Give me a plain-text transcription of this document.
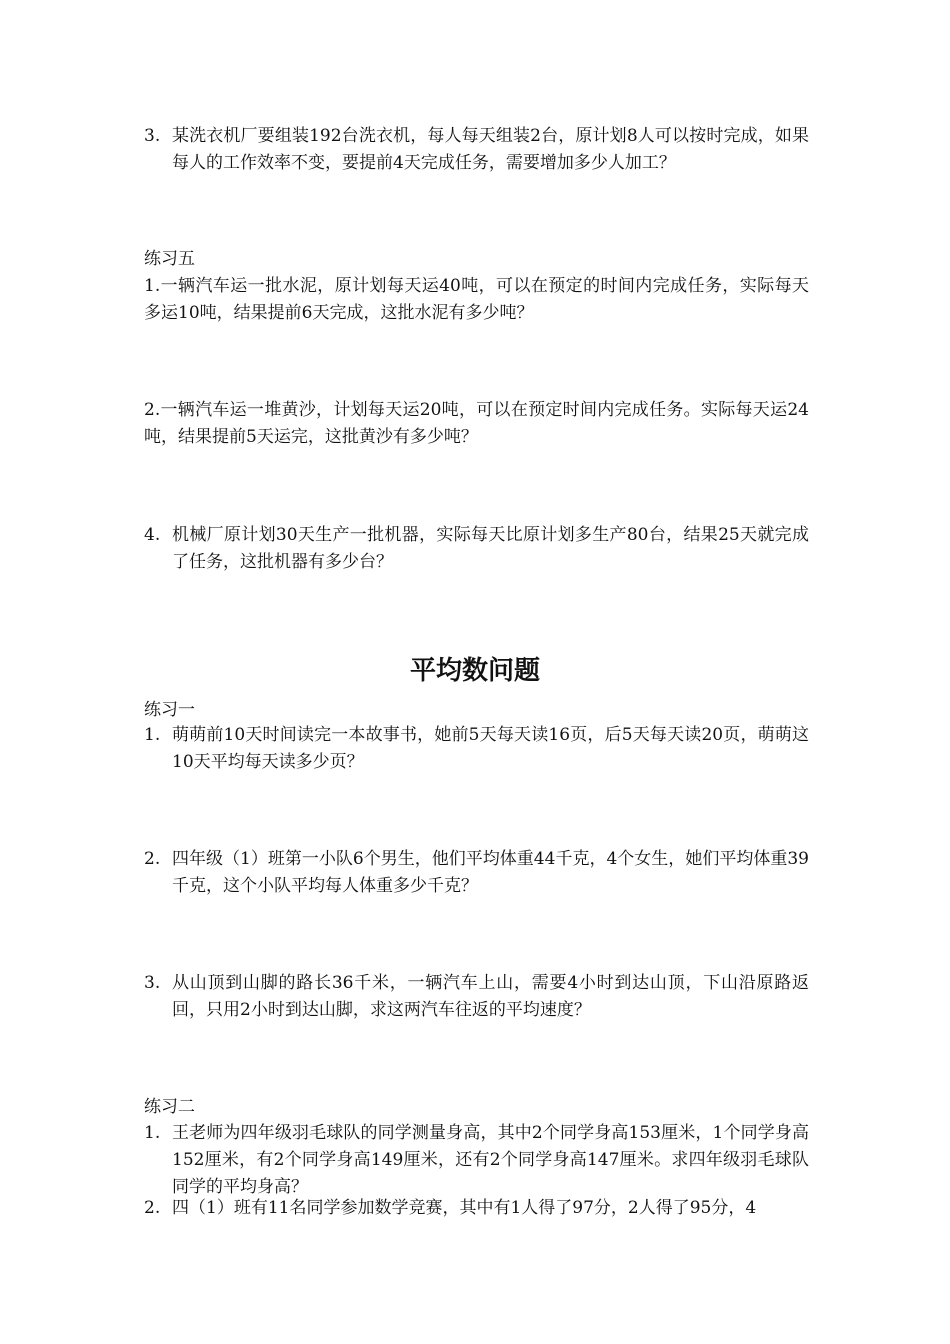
3. 某洗衣机厂要组装192台洗衣机，每人每天组装2台，原计划8人可以按时完成，如果每人的工作效率不变，要提前4天完成任务，需要增加多少人加工？
练习五
1.一辆汽车运一批水泥，原计划每天运40吨，可以在预定的时间内完成任务，实际每天多运10吨，结果提前6天完成，这批水泥有多少吨？
2.一辆汽车运一堆黄沙，计划每天运20吨，可以在预定时间内完成任务。实际每天运24吨，结果提前5天运完，这批黄沙有多少吨？
4. 机械厂原计划30天生产一批机器，实际每天比原计划多生产80台，结果25天就完成了任务，这批机器有多少台？
平均数问题
练习一
1. 萌萌前10天时间读完一本故事书，她前5天每天读16页，后5天每天读20页，萌萌这10天平均每天读多少页？
2. 四年级（1）班第一小队6个男生，他们平均体重44千克，4个女生，她们平均体重39千克，这个小队平均每人体重多少千克？
3. 从山顶到山脚的路长36千米，一辆汽车上山，需要4小时到达山顶，下山沿原路返回，只用2小时到达山脚，求这两汽车往返的平均速度？
练习二
1. 王老师为四年级羽毛球队的同学测量身高，其中2个同学身高153厘米，1个同学身高152厘米，有2个同学身高149厘米，还有2个同学身高147厘米。求四年级羽毛球队同学的平均身高？
2. 四（1）班有11名同学参加数学竞赛，其中有1人得了97分，2人得了95分，4
